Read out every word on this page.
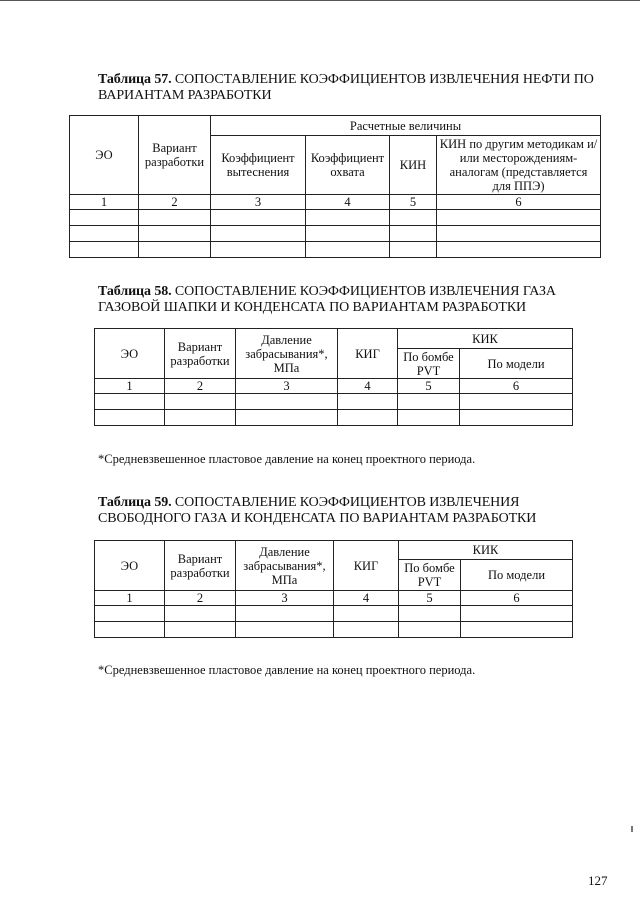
Таблица 57. СОПОСТАВЛЕНИЕ КОЭФФИЦИЕНТОВ ИЗВЛЕЧЕНИЯ НЕФТИ ПО ВАРИАНТАМ РАЗРАБОТКИ
ЭО	Вариант разработки	Расчетные величины			
		Коэффициент вытеснения	Коэффициент охвата	КИН	КИН по другим методикам и/или месторождениям-аналогам (представляется для ППЭ)
1	2	3	4	5	6

Таблица 58. СОПОСТАВЛЕНИЕ КОЭФФИЦИЕНТОВ ИЗВЛЕЧЕНИЯ ГАЗА ГАЗОВОЙ ШАПКИ И КОНДЕНСАТА ПО ВАРИАНТАМ РАЗРАБОТКИ
ЭО	Вариант разработки	Давление забрасывания*, МПа	КИГ	КИК	
				По бомбе PVT	По модели
1	2	3	4	5	6

*Средневзвешенное пластовое давление на конец проектного периода.
Таблица 59. СОПОСТАВЛЕНИЕ КОЭФФИЦИЕНТОВ ИЗВЛЕЧЕНИЯ СВОБОДНОГО ГАЗА И КОНДЕНСАТА ПО ВАРИАНТАМ РАЗРАБОТКИ
ЭО	Вариант разработки	Давление забрасывания*, МПа	КИГ	КИК	
				По бомбе PVT	По модели
1	2	3	4	5	6

*Средневзвешенное пластовое давление на конец проектного периода.
127
